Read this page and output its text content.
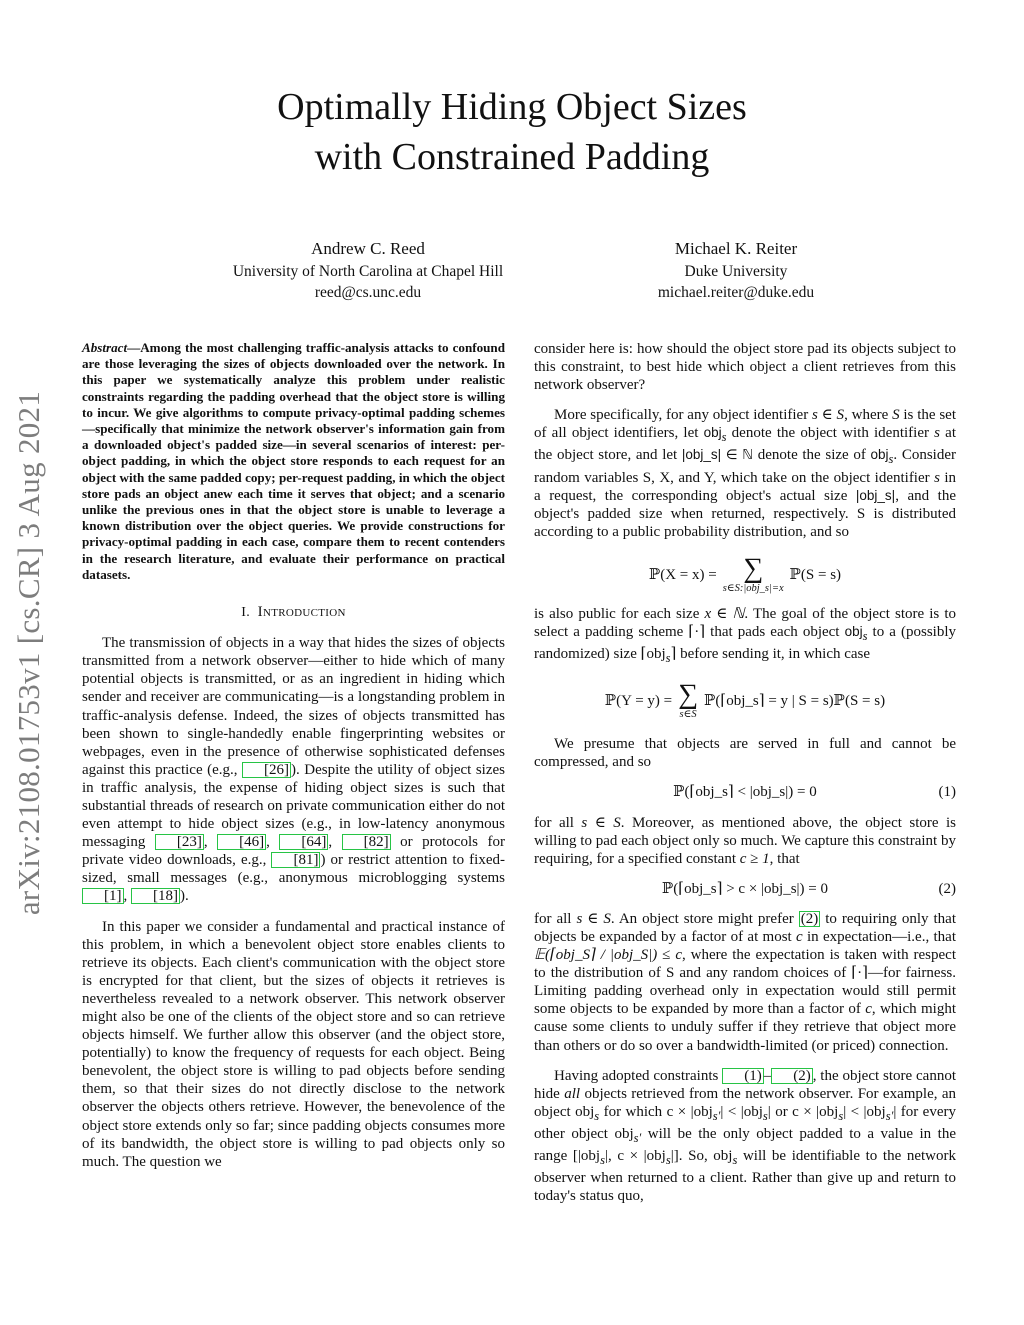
arXiv:2108.01753v1 [cs.CR] 3 Aug 2021
Optimally Hiding Object Sizes
with Constrained Padding
Andrew C. Reed
University of North Carolina at Chapel Hill
reed@cs.unc.edu
Michael K. Reiter
Duke University
michael.reiter@duke.edu
Abstract—Among the most challenging traffic-analysis attacks to confound are those leveraging the sizes of objects downloaded over the network. In this paper we systematically analyze this problem under realistic constraints regarding the padding overhead that the object store is willing to incur. We give algorithms to compute privacy-optimal padding schemes—specifically that minimize the network observer's information gain from a downloaded object's padded size—in several scenarios of interest: per-object padding, in which the object store responds to each request for an object with the same padded copy; per-request padding, in which the object store pads an object anew each time it serves that object; and a scenario unlike the previous ones in that the object store is unable to leverage a known distribution over the object queries. We provide constructions for privacy-optimal padding in each case, compare them to recent contenders in the research literature, and evaluate their performance on practical datasets.
I. Introduction

The transmission of objects in a way that hides the sizes of objects transmitted from a network observer—either to hide which of many potential objects is transmitted, or as an ingredient in hiding which sender and receiver are communicating—is a longstanding problem in traffic-analysis defense. Indeed, the sizes of objects transmitted has been shown to single-handedly enable fingerprinting websites or webpages, even in the presence of otherwise sophisticated defenses against this practice (e.g., [26] ). Despite the utility of object sizes in traffic analysis, the expense of hiding object sizes is such that substantial threads of research on private communication either do not even attempt to hide object sizes (e.g., in low-latency anonymous messaging [23] , [46] , [64] , [82] or protocols for private video downloads, e.g., [81] ) or restrict attention to fixed-sized, small messages (e.g., anonymous microblogging systems [1] , [18] ).

In this paper we consider a fundamental and practical instance of this problem, in which a benevolent object store enables clients to retrieve its objects. Each client's communication with the object store is encrypted for that client, but the sizes of objects it retrieves is nevertheless revealed to a network observer. This network observer might also be one of the clients of the object store and so can retrieve objects himself. We further allow this observer (and the object store, potentially) to know the frequency of requests for each object. Being benevolent, the object store is willing to pad objects before sending them, so that their sizes do not directly disclose to the network observer the objects others retrieve. However, the benevolence of the object store extends only so far; since padding objects consumes more of its bandwidth, the object store is willing to pad objects only so much. The question we

consider here is: how should the object store pad its objects subject to this constraint, to best hide which object a client retrieves from this network observer?

More specifically, for any object identifier s ∈ S, where S is the set of all object identifiers, let obj$_s$ denote the object with identifier s at the object store, and let |obj_s| ∈ ℕ denote the size of obj$_s$. Consider random variables S, X, and Y, which take on the object identifier s in a request, the corresponding object's actual size |obj_s|, and the object's padded size when returned, respectively. S is distributed according to a public probability distribution, and so

ℙ(X = x) = ∑
s∈S:|obj_s|=x
ℙ(S = s)

is also public for each size x ∈ ℕ. The goal of the object store is to select a padding scheme ⌈·⌉ that pads each object obj$_s$ to a (possibly randomized) size ⌈obj$_s$⌉ before sending it, in which case

ℙ(Y = y) = ∑
s∈S
ℙ(⌈obj_s⌉ = y | S = s)ℙ(S = s)

We presume that objects are served in full and cannot be compressed, and so

ℙ(⌈obj_s⌉ < |obj_s|) = 0	(1)

for all s ∈ S. Moreover, as mentioned above, the object store is willing to pad each object only so much. We capture this constraint by requiring, for a specified constant c ≥ 1, that

ℙ(⌈obj_s⌉ > c × |obj_s|) = 0	(2)

for all s ∈ S. An object store might prefer (2) to requiring only that objects be expanded by a factor of at most c in expectation—i.e., that 𝔼(⌈obj_S⌉ / |obj_S|) ≤ c, where the expectation is taken with respect to the distribution of S and any random choices of ⌈·⌉—for fairness. Limiting padding overhead only in expectation would still permit some objects to be expanded by more than a factor of c, which might cause some clients to unduly suffer if they retrieve that object more than others or do so over a bandwidth-limited (or priced) connection.

Having adopted constraints (1) – (2) , the object store cannot hide all objects retrieved from the network observer. For example, an object obj$_s$ for which c × |obj$_{s'}$| < |obj$_s$| or c × |obj$_s$| < |obj$_{s'}$| for every other object obj$_{s'}$ will be the only object padded to a value in the range [|obj$_s$|, c × |obj$_s$|]. So, obj$_s$ will be identifiable to the network observer when returned to a client. Rather than give up and return to today's status quo,
